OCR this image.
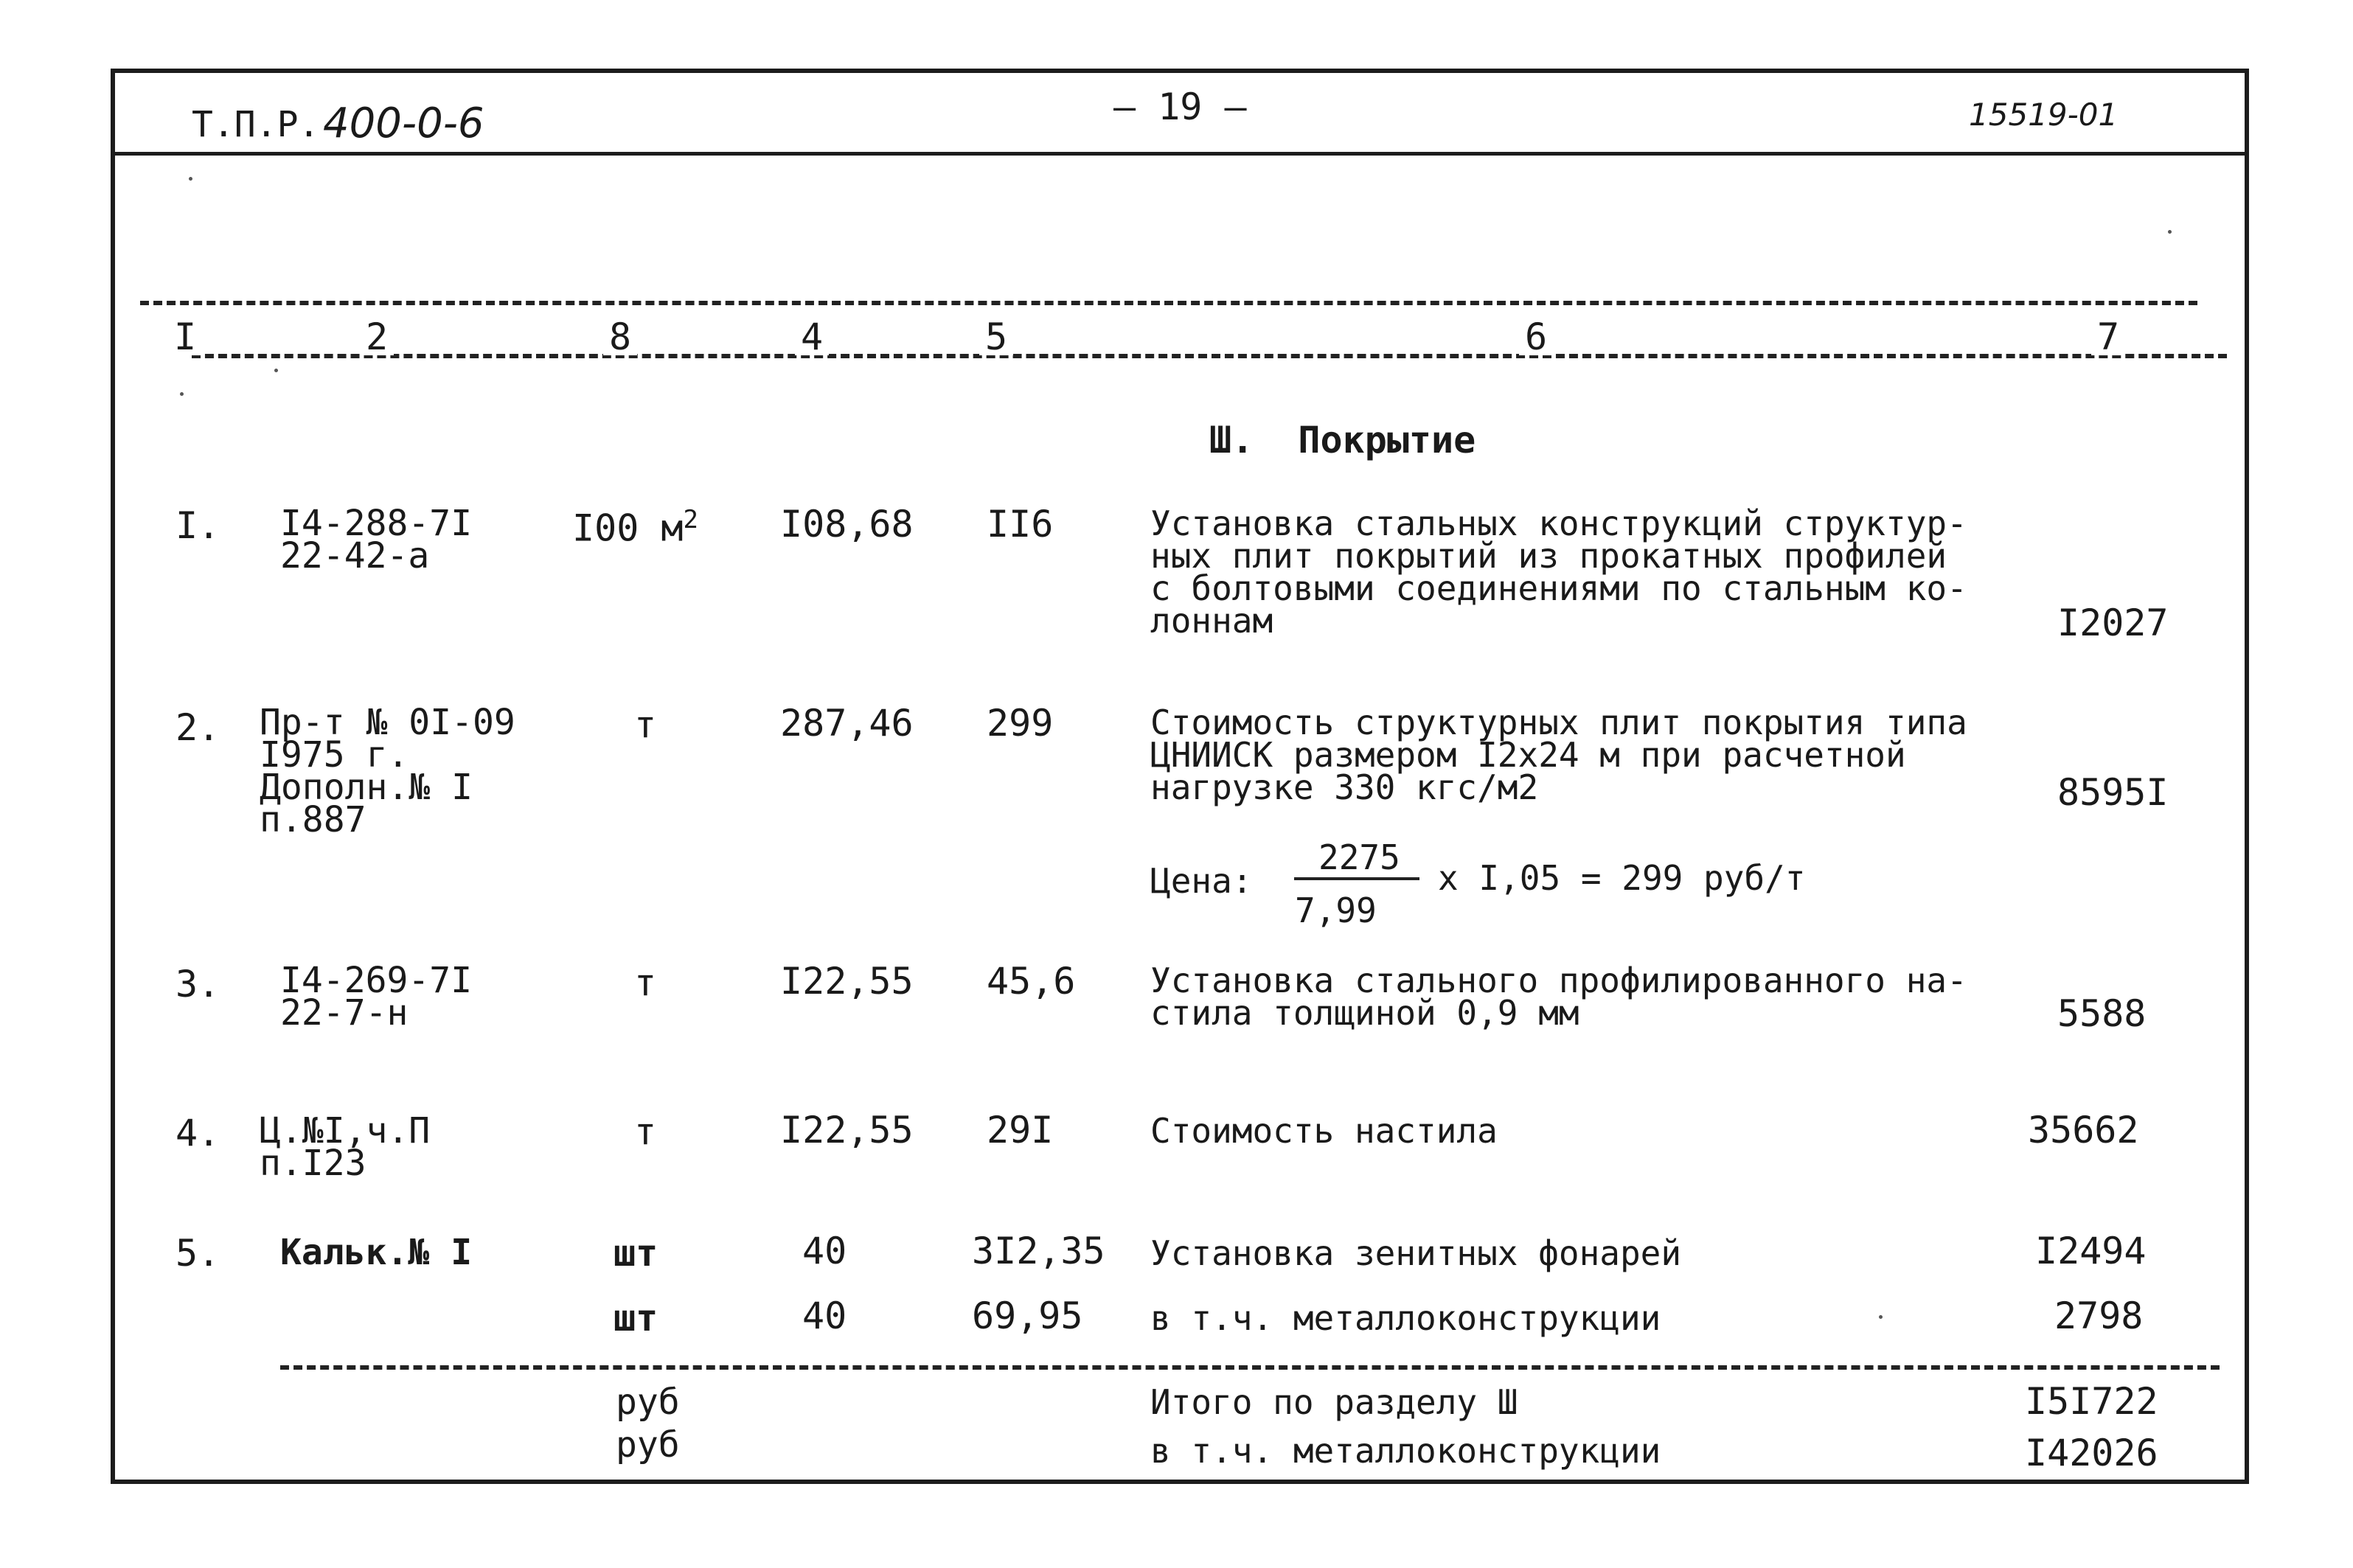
Т.П.Р. 400-0-6	– 19 –	15519-01
I	2	8	4	5	6	7
Ш.  Покрытие
I. I4-288-7I
22-42-а
I00 $м^2$ I08,68 II6	Установка стальных конструкций структур-
ных плит покрытий из прокатных профилей
с болтовыми соединениями по стальным ко-
лоннам	I2027
2. Пр-т № 0I-09
I975 г.
Дополн.№ I
п.887
т	287,46 299	Стоимость структурных плит покрытия типа
ЦНИИСК размером I2х24 м при расчетной
нагрузке 330 кгс/м2	8595I
Цена:
2275
7,99
х I,05 = 299 руб/т
3. I4-269-7I
22-7-н
т	I22,55 45,6 Установка стального профилированного на-
стила толщиной 0,9 мм	5588
4. Ц.№I,ч.П
п.I23
т	I22,55 29I	Стоимость настила	35662
5. Кальк.№ I	шт	40	3I2,35 Установка зенитных фонарей	I2494
шт	40	69,95 в т.ч. металлоконструкции	2798
руб	Итого по разделу Ш	I5I722
руб	в т.ч. металлоконструкции	I42026
